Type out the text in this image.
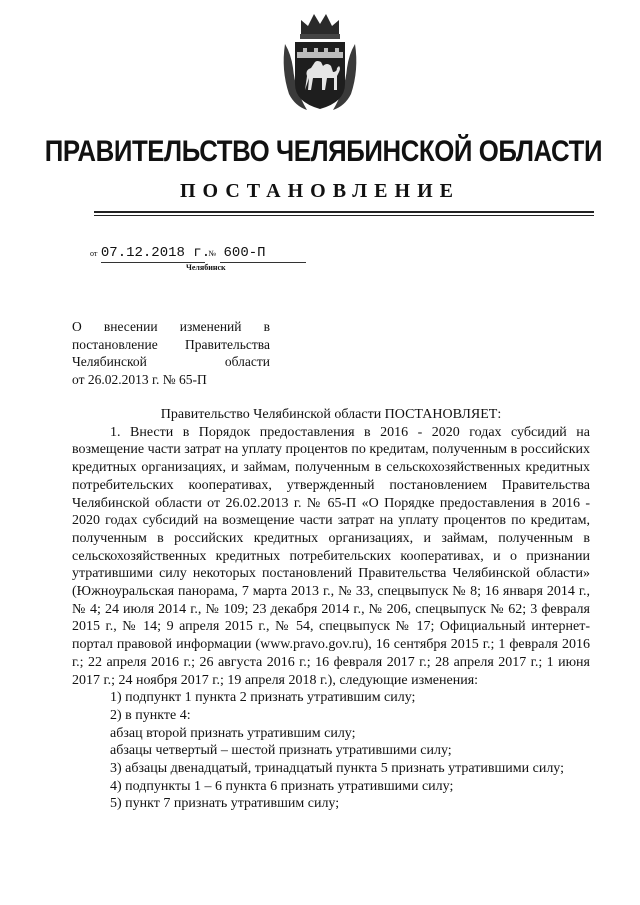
ПРАВИТЕЛЬСТВО ЧЕЛЯБИНСКОЙ ОБЛАСТИ
ПОСТАНОВЛЕНИЕ
от 07.12.2018 г. № 600-П
Челябинск
О внесении изменений в
постановление Правительства
Челябинской области
от 26.02.2013 г. № 65-П

Правительство Челябинской области ПОСТАНОВЛЯЕТ:

1. Внести в Порядок предоставления в 2016 - 2020 годах субсидий на возмещение части затрат на уплату процентов по кредитам, полученным в российских кредитных организациях, и займам, полученным в сельскохозяйственных кредитных потребительских кооперативах, утвержденный постановлением Правительства Челябинской области от 26.02.2013 г. № 65-П «О Порядке предоставления в 2016 - 2020 годах субсидий на возмещение части затрат на уплату процентов по кредитам, полученным в российских кредитных организациях, и займам, полученным в сельскохозяйственных кредитных потребительских кооперативах, и о признании утратившими силу некоторых постановлений Правительства Челябинской области» (Южноуральская панорама, 7 марта 2013 г., № 33, спецвыпуск № 8; 16 января 2014 г., № 4; 24 июля 2014 г., № 109; 23 декабря 2014 г., № 206, спецвыпуск № 62; 3 февраля 2015 г., № 14; 9 апреля 2015 г., № 54, спецвыпуск № 17; Официальный интернет-портал правовой информации (www.pravo.gov.ru), 16 сентября 2015 г.; 1 февраля 2016 г.; 22 апреля 2016 г.; 26 августа 2016 г.; 16 февраля 2017 г.; 28 апреля 2017 г.; 1 июня 2017 г.; 24 ноября 2017 г.; 19 апреля 2018 г.), следующие изменения:

1) подпункт 1 пункта 2 признать утратившим силу;

2) в пункте 4:

абзац второй признать утратившим силу;

абзацы четвертый – шестой признать утратившими силу;

3) абзацы двенадцатый, тринадцатый пункта 5 признать утратившими силу;

4) подпункты 1 – 6 пункта 6 признать утратившими силу;

5) пункт 7 признать утратившим силу;
